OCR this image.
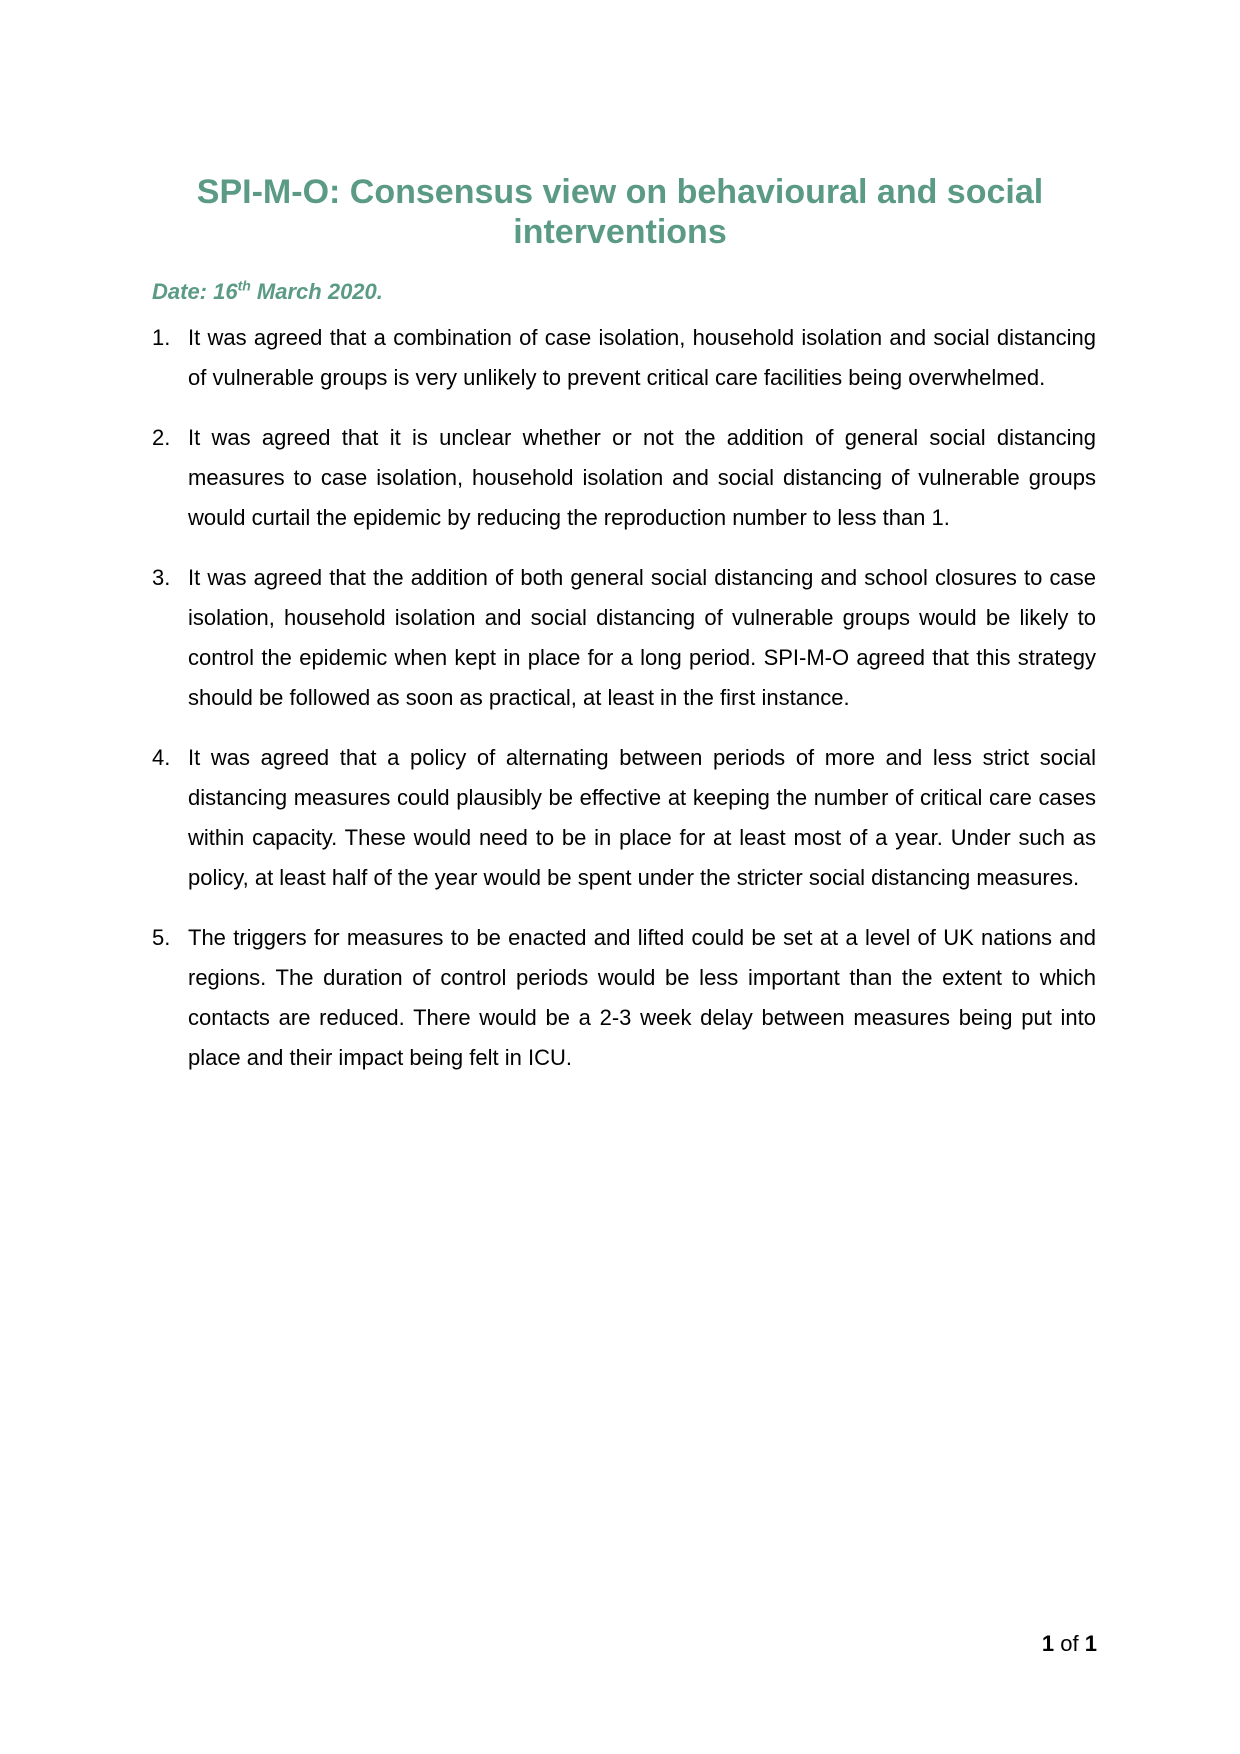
SPI-M-O: Consensus view on behavioural and social
interventions
Date: 16th March 2020.
1. It was agreed that a combination of case isolation, household isolation and social distancing of vulnerable groups is very unlikely to prevent critical care facilities being overwhelmed.
2. It was agreed that it is unclear whether or not the addition of general social distancing measures to case isolation, household isolation and social distancing of vulnerable groups would curtail the epidemic by reducing the reproduction number to less than 1.
3. It was agreed that the addition of both general social distancing and school closures to case isolation, household isolation and social distancing of vulnerable groups would be likely to control the epidemic when kept in place for a long period. SPI-M-O agreed that this strategy should be followed as soon as practical, at least in the first instance.
4. It was agreed that a policy of alternating between periods of more and less strict social distancing measures could plausibly be effective at keeping the number of critical care cases within capacity. These would need to be in place for at least most of a year. Under such as policy, at least half of the year would be spent under the stricter social distancing measures.
5. The triggers for measures to be enacted and lifted could be set at a level of UK nations and regions. The duration of control periods would be less important than the extent to which contacts are reduced. There would be a 2-3 week delay between measures being put into place and their impact being felt in ICU.
1 of 1
